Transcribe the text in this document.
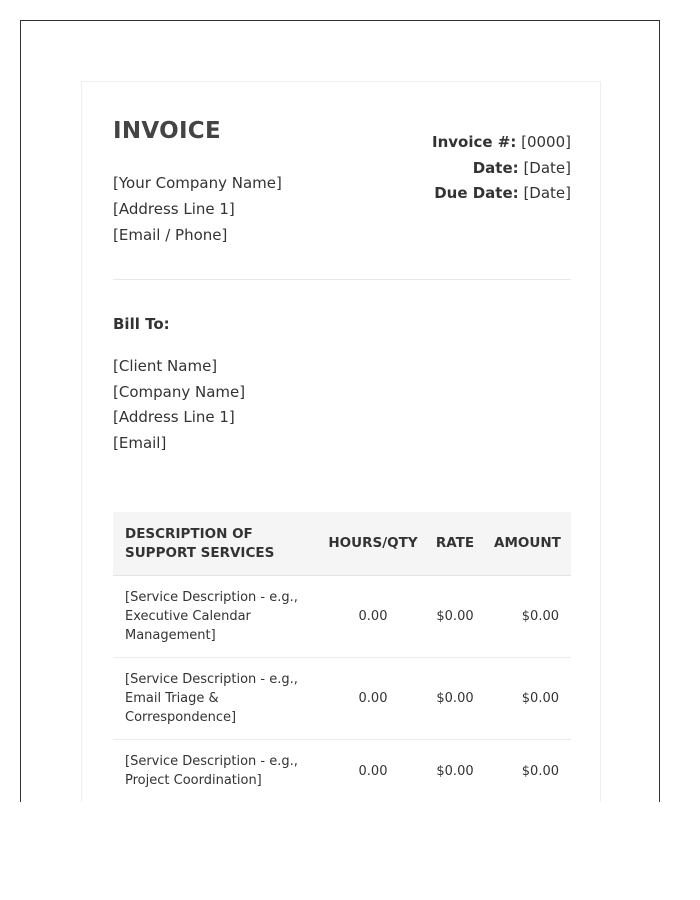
INVOICE
[Your Company Name]
[Address Line 1]
[Email / Phone]
Invoice #: [0000]
Date: [Date]
Due Date: [Date]
Bill To:
[Client Name]
[Company Name]
[Address Line 1]
[Email]
DESCRIPTION OF SUPPORT SERVICES	HOURS/QTY	RATE	AMOUNT
[Service Description - e.g., Executive Calendar Management]	0.00	$0.00	$0.00
[Service Description - e.g., Email Triage & Correspondence]	0.00	$0.00	$0.00
[Service Description - e.g., Project Coordination]	0.00	$0.00	$0.00
